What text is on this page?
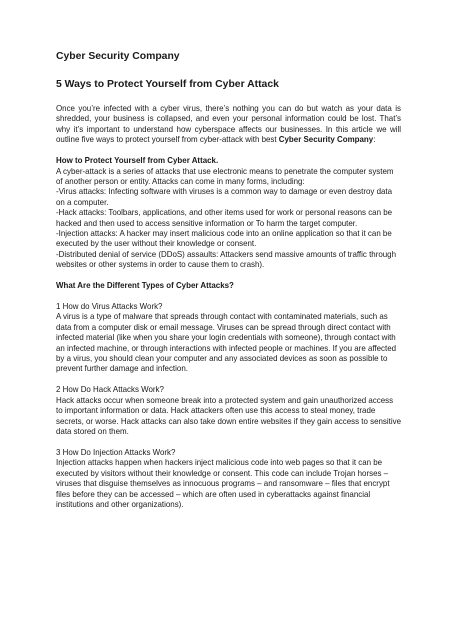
Cyber Security Company
5 Ways to Protect Yourself from Cyber Attack

Once you’re infected with a cyber virus, there’s nothing you can do but watch as your data is shredded, your business is collapsed, and even your personal information could be lost. That’s why it’s important to understand how cyberspace affects our businesses. In this article we will outline five ways to protect yourself from cyber-attack with best Cyber Security Company:

How to Protect Yourself from Cyber Attack.

A cyber-attack is a series of attacks that use electronic means to penetrate the computer system of another person or entity. Attacks can come in many forms, including:

-Virus attacks: Infecting software with viruses is a common way to damage or even destroy data on a computer.

-Hack attacks: Toolbars, applications, and other items used for work or personal reasons can be hacked and then used to access sensitive information or To harm the target computer.

-Injection attacks: A hacker may insert malicious code into an online application so that it can be executed by the user without their knowledge or consent.

-Distributed denial of service (DDoS) assaults: Attackers send massive amounts of traffic through websites or other systems in order to cause them to crash).

What Are the Different Types of Cyber Attacks?
1 How do Virus Attacks Work?

A virus is a type of malware that spreads through contact with contaminated materials, such as data from a computer disk or email message. Viruses can be spread through direct contact with infected material (like when you share your login credentials with someone), through contact with an infected machine, or through interactions with infected people or machines. If you are affected by a virus, you should clean your computer and any associated devices as soon as possible to prevent further damage and infection.

2 How Do Hack Attacks Work?

Hack attacks occur when someone break into a protected system and gain unauthorized access to important information or data. Hack attackers often use this access to steal money, trade secrets, or worse. Hack attacks can also take down entire websites if they gain access to sensitive data stored on them.

3 How Do Injection Attacks Work?

Injection attacks happen when hackers inject malicious code into web pages so that it can be executed by visitors without their knowledge or consent. This code can include Trojan horses – viruses that disguise themselves as innocuous programs – and ransomware – files that encrypt files before they can be accessed – which are often used in cyberattacks against financial institutions and other organizations).
